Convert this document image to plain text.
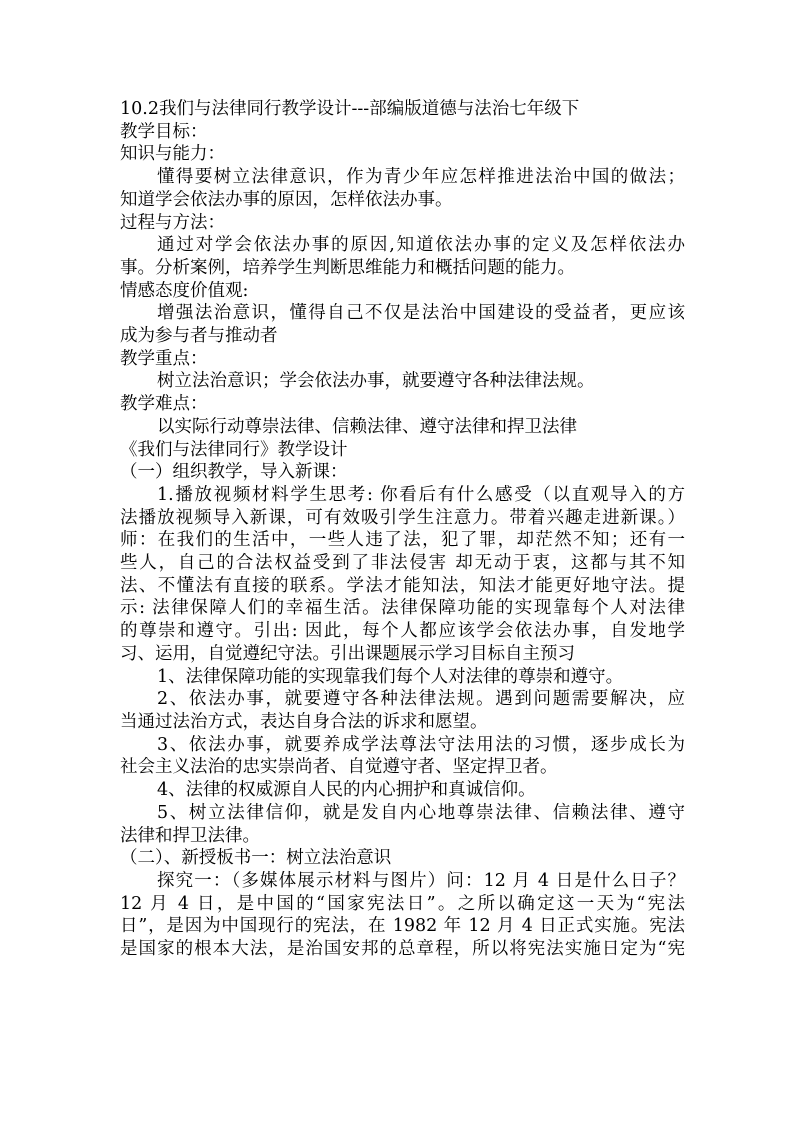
10.2我们与法律同行教学设计---部编版道德与法治七年级下
教学目标：
知识与能力：
懂得要树立法律意识，作为青少年应怎样推进法治中国的做法；
知道学会依法办事的原因，怎样依法办事。
过程与方法：
通过对学会依法办事的原因,知道依法办事的定义及怎样依法办
事。分析案例，培养学生判断思维能力和概括问题的能力。
情感态度价值观:
增强法治意识，懂得自己不仅是法治中国建设的受益者，更应该
成为参与者与推动者
教学重点：
树立法治意识；学会依法办事，就要遵守各种法律法规。
教学难点：
以实际行动尊崇法律、信赖法律、遵守法律和捍卫法律
《我们与法律同行》教学设计
（一）组织教学，导入新课：
1.播放视频材料学生思考: 你看后有什么感受（以直观导入的方
法播放视频导入新课，可有效吸引学生注意力。带着兴趣走进新课。）
师：在我们的生活中，一些人违了法，犯了罪，却茫然不知；还有一
些人，自己的合法权益受到了非法侵害 却无动于衷，这都与其不知
法、不懂法有直接的联系。学法才能知法，知法才能更好地守法。提
示: 法律保障人们的幸福生活。法律保障功能的实现靠每个人对法律
的尊崇和遵守。引出: 因此，每个人都应该学会依法办事，自发地学
习、运用，自觉遵纪守法。引出课题展示学习目标自主预习
1、法律保障功能的实现靠我们每个人对法律的尊崇和遵守。
2、依法办事，就要遵守各种法律法规。遇到问题需要解决，应
当通过法治方式，表达自身合法的诉求和愿望。
3、依法办事，就要养成学法尊法守法用法的习惯，逐步成长为
社会主义法治的忠实崇尚者、自觉遵守者、坚定捍卫者。
4、法律的权威源自人民的内心拥护和真诚信仰。
5、树立法律信仰，就是发自内心地尊崇法律、信赖法律、遵守
法律和捍卫法律。
（二）、新授板书一：树立法治意识
探究一：（多媒体展示材料与图片）问：12 月 4 日是什么日子？
12 月 4 日，是中国的“国家宪法日”。之所以确定这一天为“宪法
日”，是因为中国现行的宪法，在 1982 年 12 月 4 日正式实施。宪法
是国家的根本大法，是治国安邦的总章程，所以将宪法实施日定为“宪
